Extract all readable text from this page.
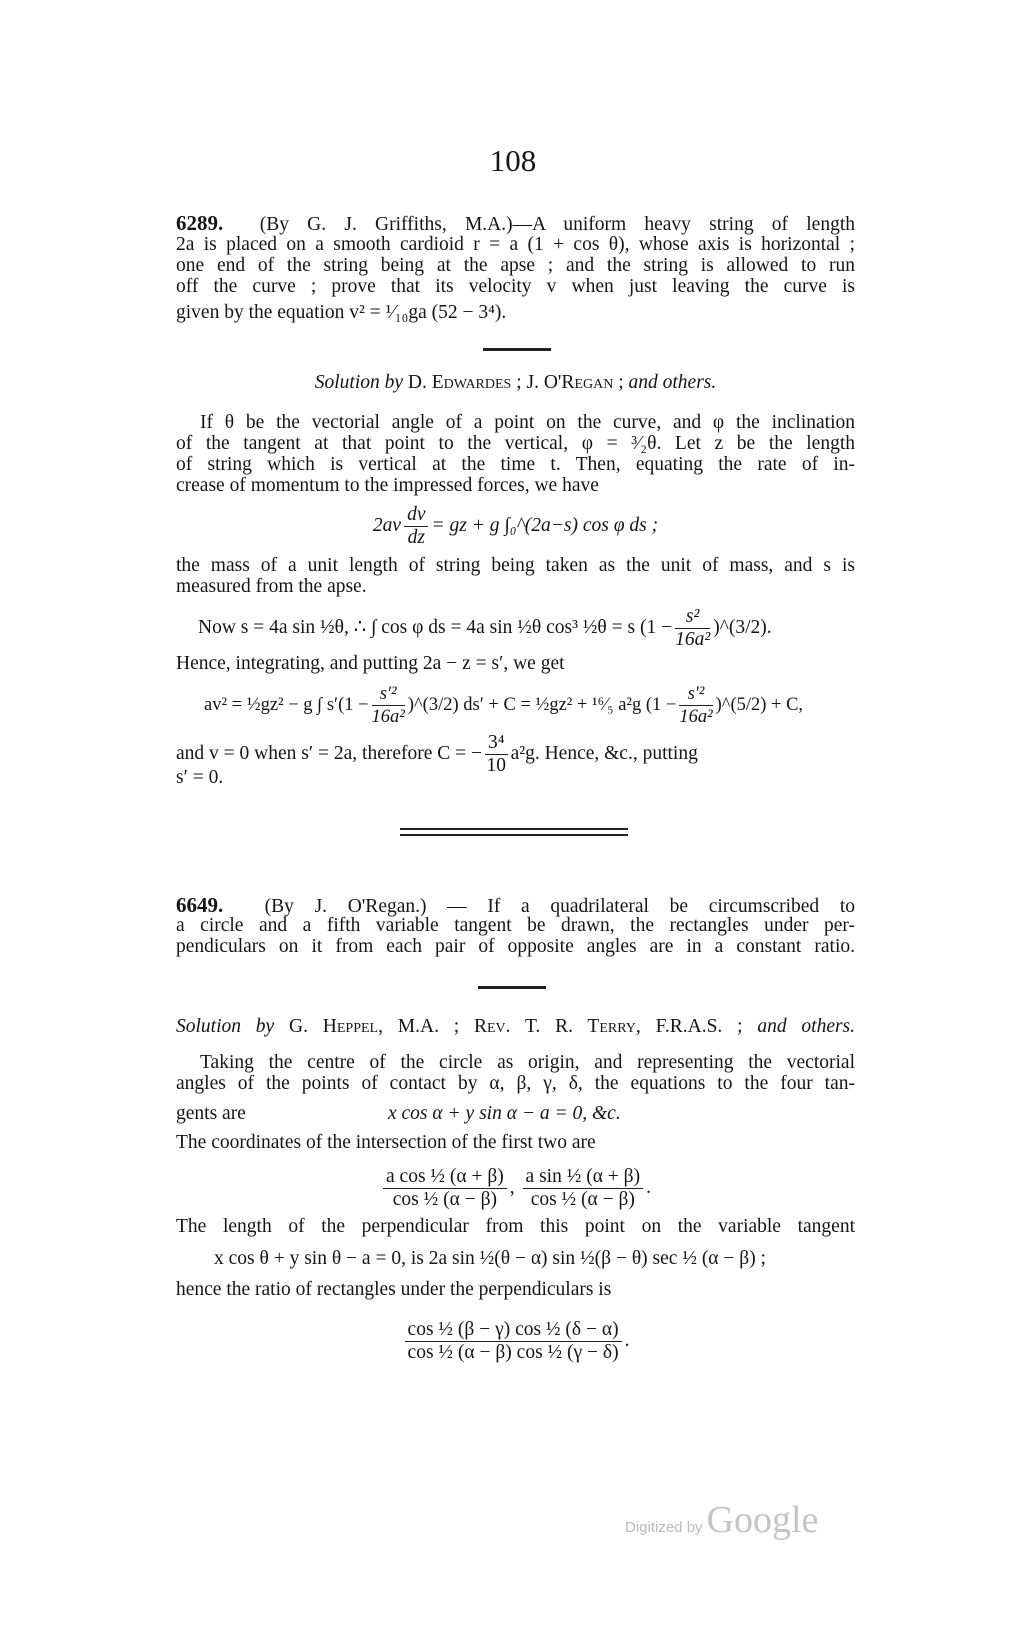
108
6289. (By G. J. Griffiths, M.A.)—A uniform heavy string of length
2a is placed on a smooth cardioid r = a (1 + cos θ), whose axis is horizontal ;
one end of the string being at the apse ; and the string is allowed to run
off the curve ; prove that its velocity v when just leaving the curve is
given by the equation v² = ¹⁄₁₀ga (52 − 3⁴).
Solution by D. Edwardes ; J. O'Regan ; and others.
If θ be the vectorial angle of a point on the curve, and φ the inclination
of the tangent at that point to the vertical, φ = ³⁄₂θ. Let z be the length
of string which is vertical at the time t. Then, equating the rate of in-
crease of momentum to the impressed forces, we have
$2av \frac{dv}{dz}$ = gz + g ∫₀^(2a−s) cos φ ds ;
the mass of a unit length of string being taken as the unit of mass, and s is
measured from the apse.
Now s = 4a sin ½θ, ∴ ∫ cos φ ds = 4a sin ½θ cos³ ½θ = s ($1 - \frac{\text{s²}}{\text{16a²}}$ )^(3/2).
Hence, integrating, and putting 2a − z = s′, we get
av² = ½gz² − g ∫ $s'(1 - \frac{\text{s′²}}{\text{16a²}}$ )^(3/2) ds′ + C = ½gz² + ¹⁶⁄₅ a²g ($1 - \frac{\text{s′²}}{\text{16a²}}$ )^(5/2) + C,
and v = 0 when s′ = 2a, therefore C = − $\frac{\text{3⁴}}{10} a^2g$. Hence, &c., putting
s′ = 0.
6649. (By J. O'Regan.) — If a quadrilateral be circumscribed to
a circle and a fifth variable tangent be drawn, the rectangles under per-
pendiculars on it from each pair of opposite angles are in a constant ratio.
Solution by G. Heppel, M.A. ; Rev. T. R. Terry, F.R.A.S. ; and others.
Taking the centre of the circle as origin, and representing the vectorial
angles of the points of contact by α, β, γ, δ, the equations to the four tan-
gents are	x cos α + y sin α − a = 0, &c.
The coordinates of the intersection of the first two are
$\frac{\text{a cos ½ (α + β)}}{\text{cos ½ (α − β)}}$ , $\frac{\text{a sin ½ (α + β)}}{\text{cos ½ (α − β)}}$ .
The length of the perpendicular from this point on the variable tangent
x cos θ + y sin θ − a = 0, is 2a sin ½(θ − α) sin ½(β − θ) sec ½ (α − β) ;
hence the ratio of rectangles under the perpendiculars is
$\frac{\text{cos ½ (β − γ) cos ½ (δ − α)}}{\text{cos ½ (α − β) cos ½ (γ − δ)}}$ .
Digitized by Google
